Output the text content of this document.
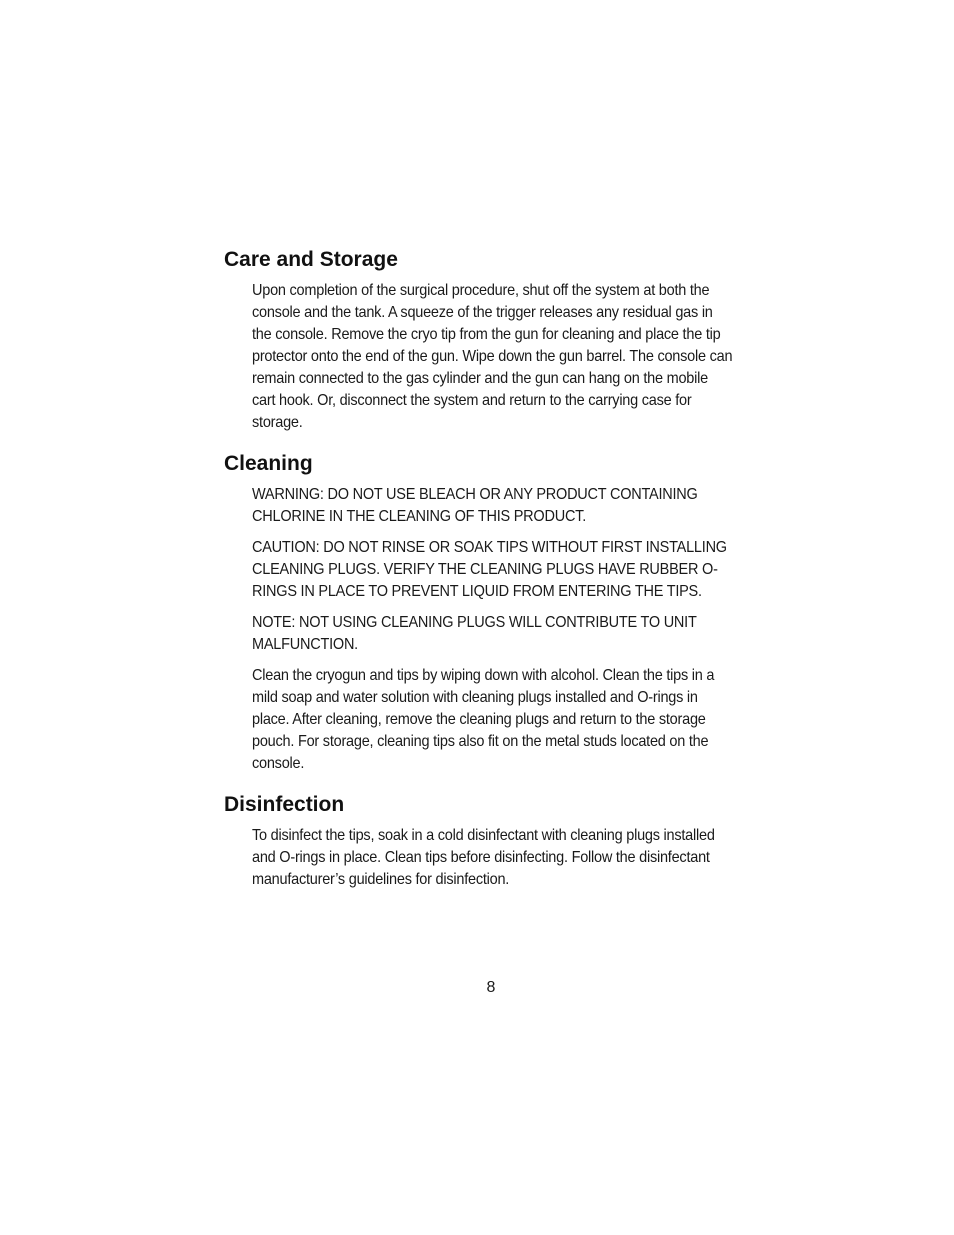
Care and Storage

Upon completion of the surgical procedure, shut off the system at both the console and the tank. A squeeze of the trigger releases any residual gas in the console. Remove the cryo tip from the gun for cleaning and place the tip protector onto the end of the gun. Wipe down the gun barrel. The console can remain connected to the gas cylinder and the gun can hang on the mobile cart hook. Or, disconnect the system and return to the carrying case for storage.

Cleaning

WARNING: DO NOT USE BLEACH OR ANY PRODUCT CONTAINING CHLORINE IN THE CLEANING OF THIS PRODUCT.

CAUTION: DO NOT RINSE OR SOAK TIPS WITHOUT FIRST INSTALLING CLEANING PLUGS. VERIFY THE CLEANING PLUGS HAVE RUBBER O-RINGS IN PLACE TO PREVENT LIQUID FROM ENTERING THE TIPS.

NOTE: NOT USING CLEANING PLUGS WILL CONTRIBUTE TO UNIT MALFUNCTION.

Clean the cryogun and tips by wiping down with alcohol. Clean the tips in a mild soap and water solution with cleaning plugs installed and O-rings in place. After cleaning, remove the cleaning plugs and return to the storage pouch. For storage, cleaning tips also fit on the metal studs located on the console.

Disinfection

To disinfect the tips, soak in a cold disinfectant with cleaning plugs installed and O-rings in place. Clean tips before disinfecting. Follow the disinfectant manufacturer’s guidelines for disinfection.

8
